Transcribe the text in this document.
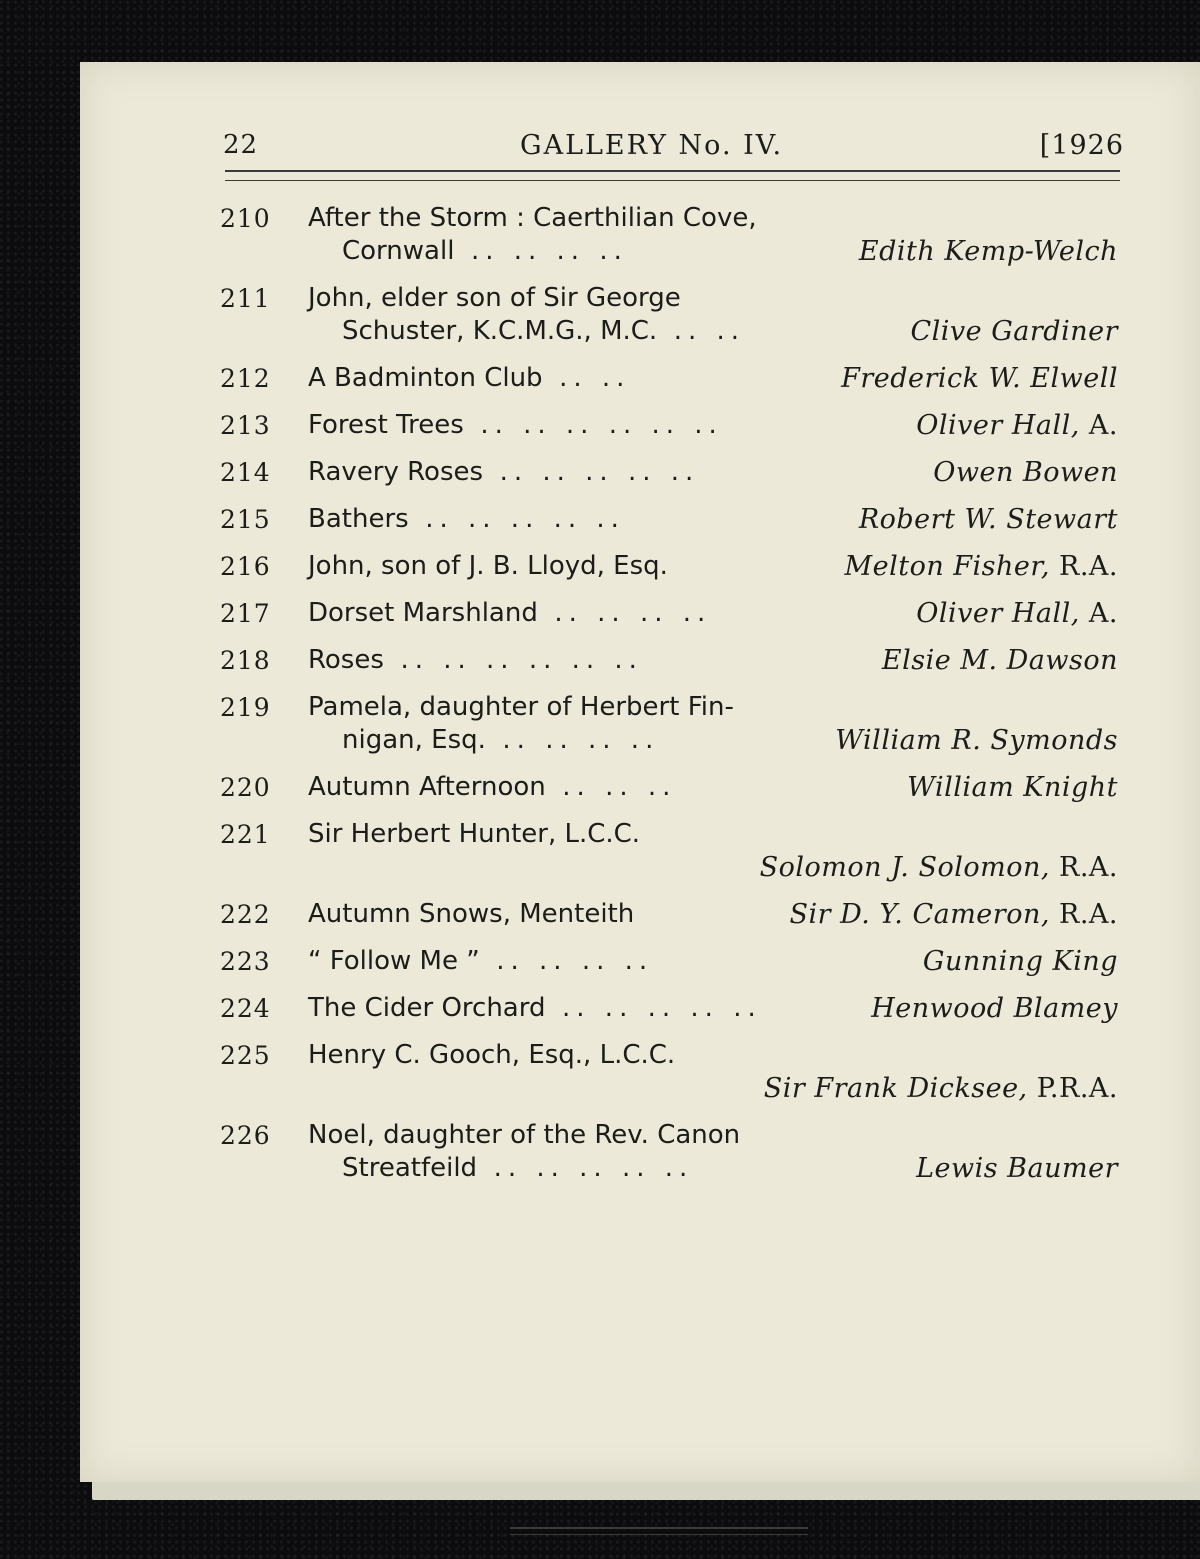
22	GALLERY No. IV.	[1926
210 After the Storm : Caerthilian Cove,
Cornwall .. .. .. ..	Edith Kemp-Welch
211 John, elder son of Sir George
Schuster, K.C.M.G., M.C. .. ..	Clive Gardiner
212 A Badminton Club .. ..	Frederick W. Elwell
213 Forest Trees .. .. .. .. .. ..	Oliver Hall, A.
214 Ravery Roses .. .. .. .. ..	Owen Bowen
215 Bathers .. .. .. .. ..	Robert W. Stewart
216 John, son of J. B. Lloyd, Esq.	Melton Fisher, R.A.
217 Dorset Marshland .. .. .. ..	Oliver Hall, A.
218 Roses .. .. .. .. .. ..	Elsie M. Dawson
219 Pamela, daughter of Herbert Fin-
nigan, Esq. .. .. .. ..	William R. Symonds
220 Autumn Afternoon .. .. ..	William Knight
221 Sir Herbert Hunter, L.C.C.
Solomon J. Solomon, R.A.
222 Autumn Snows, Menteith	Sir D. Y. Cameron, R.A.
223 “ Follow Me ” .. .. .. ..	Gunning King
224 The Cider Orchard .. .. .. .. ..	Henwood Blamey
225 Henry C. Gooch, Esq., L.C.C.
Sir Frank Dicksee, P.R.A.
226 Noel, daughter of the Rev. Canon
Streatfeild .. .. .. .. ..	Lewis Baumer
